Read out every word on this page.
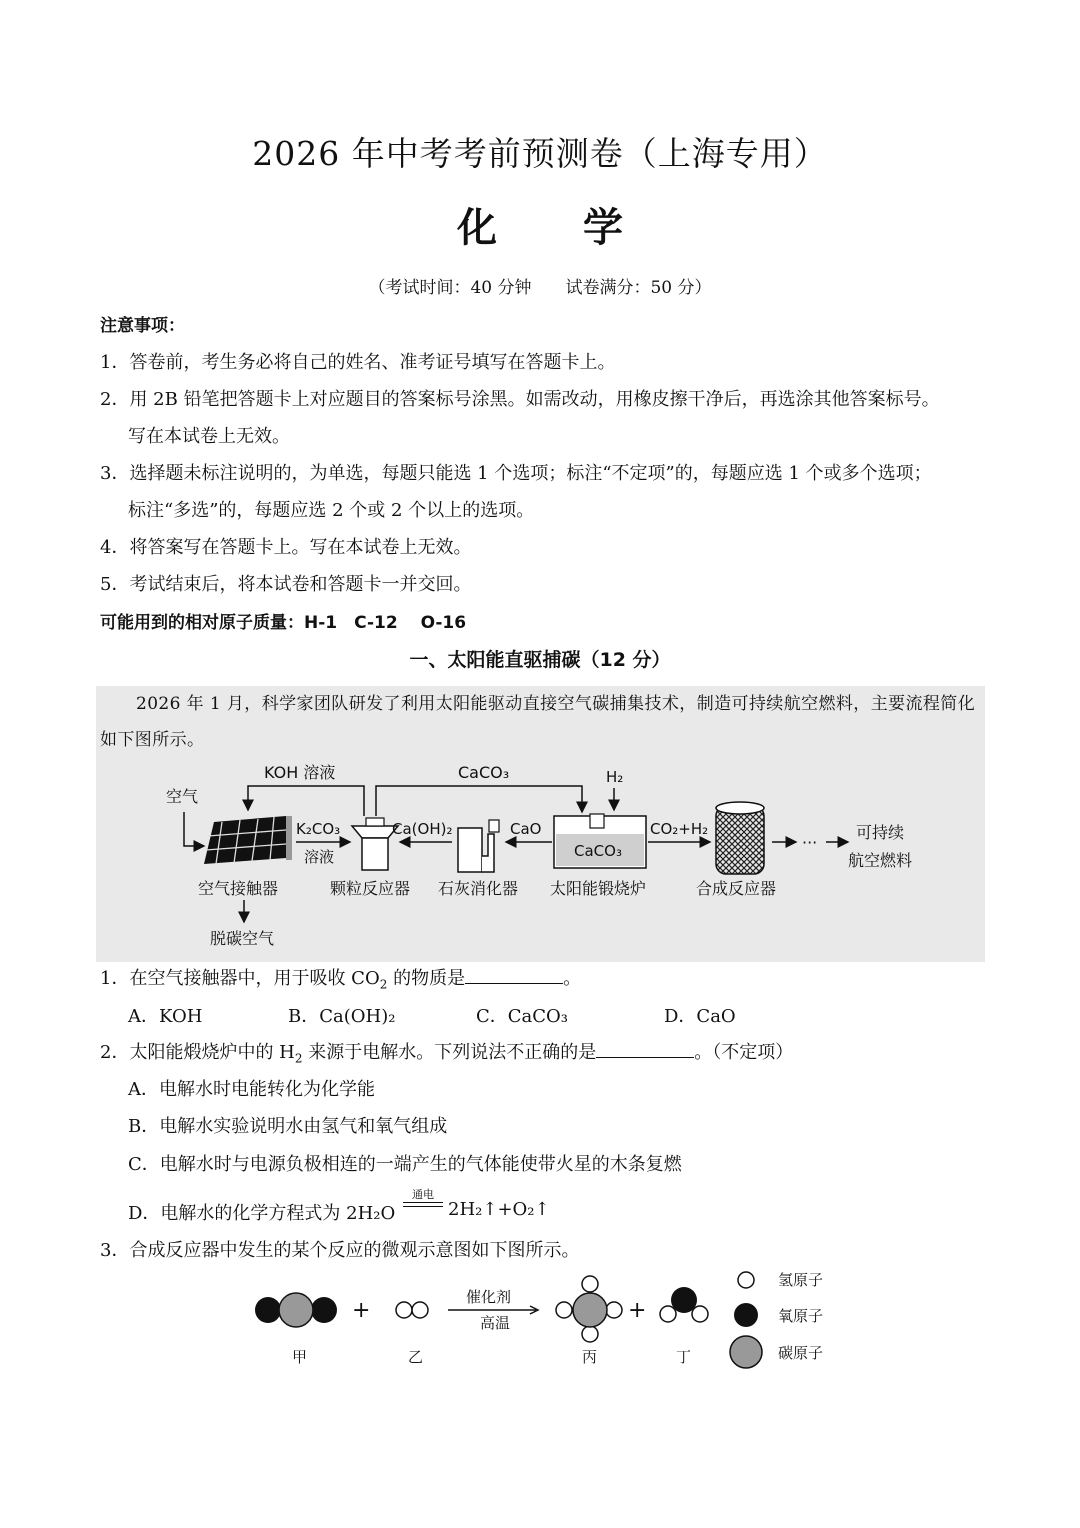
2026 年中考考前预测卷（上海专用）
化 学
（考试时间：40 分钟　　试卷满分：50 分）
注意事项：
1．答卷前，考生务必将自己的姓名、准考证号填写在答题卡上。
2．用 2B 铅笔把答题卡上对应题目的答案标号涂黑。如需改动，用橡皮擦干净后，再选涂其他答案标号。
写在本试卷上无效。
3．选择题未标注说明的，为单选，每题只能选 1 个选项；标注“不定项”的，每题应选 1 个或多个选项；
标注“多选”的，每题应选 2 个或 2 个以上的选项。
4．将答案写在答题卡上。写在本试卷上无效。
5．考试结束后，将本试卷和答题卡一并交回。
可能用到的相对原子质量：H-1　C-12　 O-16
一、太阳能直驱捕碳（12 分）
2026 年 1 月，科学家团队研发了利用太阳能驱动直接空气碳捕集技术，制造可持续航空燃料，主要流程简化如下图所示。
空气
空气接触器
脱碳空气
KOH 溶液
K₂CO₃
溶液
颗粒反应器
CaCO₃
Ca(OH)₂
石灰消化器
CaO
H₂
CaCO₃
太阳能锻烧炉
CO₂+H₂
合成反应器
···
可持续
航空燃料
1．在空气接触器中，用于吸收 $CO_2$ 的物质是	。
A．KOH	B．Ca(OH)₂	C．CaCO₃	D．CaO
2．太阳能煅烧炉中的 $H_2$ 来源于电解水。下列说法不正确的是	。（不定项）
A．电解水时电能转化为化学能
B．电解水实验说明水由氢气和氧气组成
C．电解水时与电源负极相连的一端产生的气体能使带火星的木条复燃
D．电解水的化学方程式为 2H₂O
通电
2H₂↑+O₂↑
3．合成反应器中发生的某个反应的微观示意图如下图所示。
+
催化剂
高温	+
甲	乙	丙	丁
氢原子
氧原子
碳原子
